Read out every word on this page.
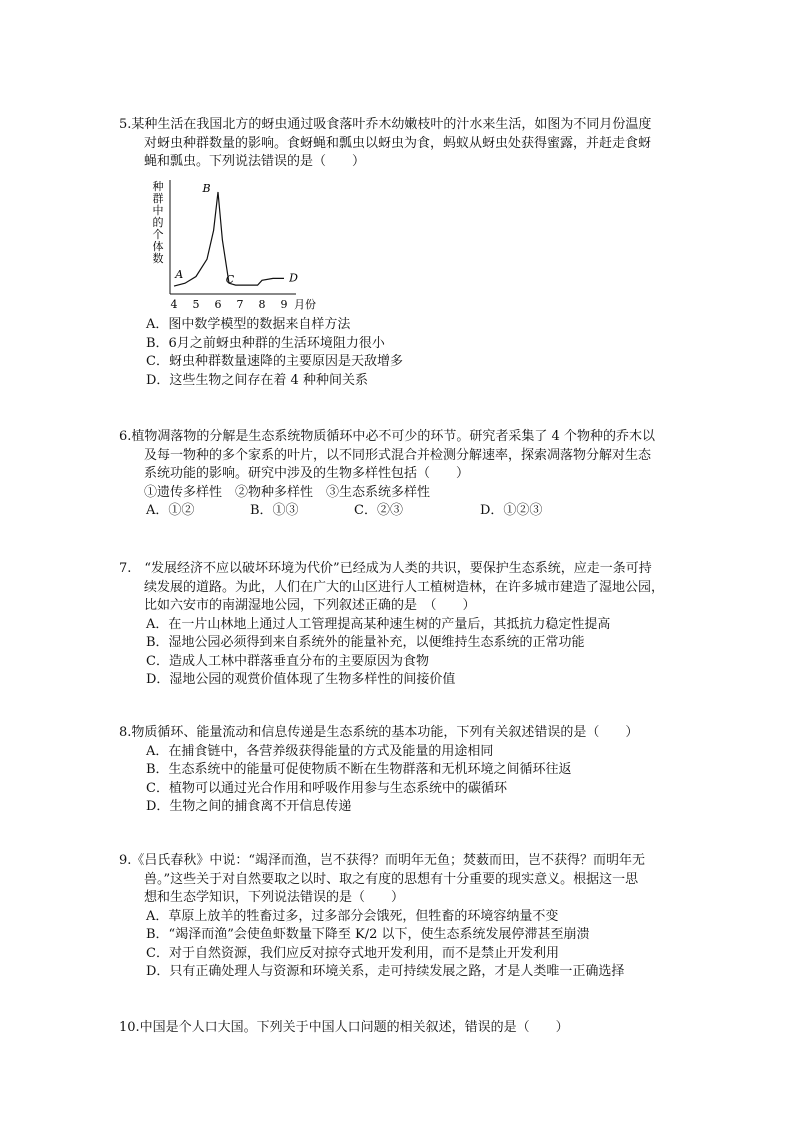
5.某种生活在我国北方的蚜虫通过吸食落叶乔木幼嫩枝叶的汁水来生活，如图为不同月份温度
对蚜虫种群数量的影响。食蚜蝇和瓢虫以蚜虫为食，蚂蚁从蚜虫处获得蜜露，并赶走食蚜
蝇和瓢虫。下列说法错误的是（　　）
种
群
中
的
个
体
数
4 5 6 7 8 9 月份
A
B
C	D
A．图中数学模型的数据来自样方法
B．6月之前蚜虫种群的生活环境阻力很小
C．蚜虫种群数量速降的主要原因是天敌增多
D．这些生物之间存在着 4 种种间关系
6.植物凋落物的分解是生态系统物质循环中必不可少的环节。研究者采集了 4 个物种的乔木以
及每一物种的多个家系的叶片，以不同形式混合并检测分解速率，探索凋落物分解对生态
系统功能的影响。研究中涉及的生物多样性包括（　　）
①遗传多样性　②物种多样性　③生态系统多样性
A．①②	B．①③	C．②③	D．①②③
7.　“发展经济不应以破坏环境为代价”已经成为人类的共识，要保护生态系统，应走一条可持
续发展的道路。为此，人们在广大的山区进行人工植树造林，在许多城市建造了湿地公园，
比如六安市的南湖湿地公园，下列叙述正确的是　（　　）
A．在一片山林地上通过人工管理提高某种速生树的产量后，其抵抗力稳定性提高
B．湿地公园必须得到来自系统外的能量补充，以便维持生态系统的正常功能
C．造成人工林中群落垂直分布的主要原因为食物
D．湿地公园的观赏价值体现了生物多样性的间接价值
8.物质循环、能量流动和信息传递是生态系统的基本功能，下列有关叙述错误的是（　　）
A．在捕食链中，各营养级获得能量的方式及能量的用途相同
B．生态系统中的能量可促使物质不断在生物群落和无机环境之间循环往返
C．植物可以通过光合作用和呼吸作用参与生态系统中的碳循环
D．生物之间的捕食离不开信息传递
9.《吕氏春秋》中说：“竭泽而渔，岂不获得？而明年无鱼；焚薮而田，岂不获得？而明年无
兽。”这些关于对自然要取之以时、取之有度的思想有十分重要的现实意义。根据这一思
想和生态学知识，下列说法错误的是（　　）
A．草原上放羊的牲畜过多，过多部分会饿死，但牲畜的环境容纳量不变
B．“竭泽而渔”会使鱼虾数量下降至 K/2 以下，使生态系统发展停滞甚至崩溃
C．对于自然资源，我们应反对掠夺式地开发利用，而不是禁止开发利用
D．只有正确处理人与资源和环境关系，走可持续发展之路，才是人类唯一正确选择
10.中国是个人口大国。下列关于中国人口问题的相关叙述，错误的是（　　）
